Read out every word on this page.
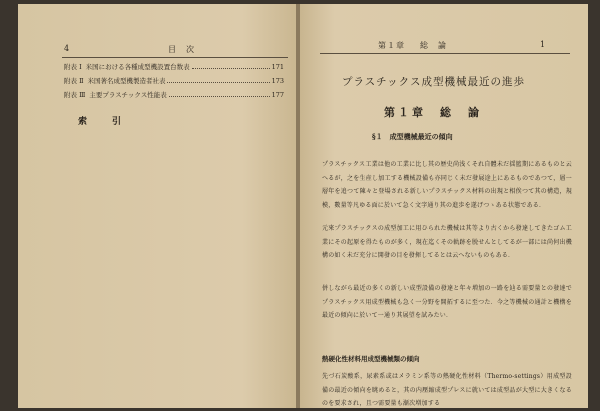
4	目　次
附表 Ⅰ 米国における各種成型機設置台数表	171
附表 Ⅱ 米国著名成型機製造者社表	173
附表 Ⅲ 主要プラスチックス性能表	177
索　引
第１章 総　論	1
プラスチックス成型機械最近の進歩
第１章　総　論
§１　成型機械最近の傾向
プラスチックス工業は他の工業に比し其の歴史尚浅くそれ自體未だ揺籃期にあるものと云へるが，之を生産し加工する機械設備も亦同じく未だ發展途上にあるものであつて，層一層年を追つて陳々と登場される新しいプラスチックス材料の出現と相俟つて其の構造，規模，數量等凡ゆる面に於いて急く文字通り其の進歩を遂げつゝある状態である．
元來プラスチックスの成型加工に用ひられた機械は其等より古くから發達してきたゴム工業にその起原を得たものが多く，現在迄くその軌跡を脱せんとしてるが一部には尚何出機構の如く未だ充分に開發の目を發揮してるとは云へないものもある．
併しながら最近の多くの新しい成型設備の發達と年々増加の一路を辿る需要量との發達でプラスチックス用成型機械も急く一分野を開拓するに至つた．今之等機械の通計と機構を最近の傾向に於いて一通り其展望を試みたい．
熱硬化性材料用成型機械類の傾向
先づ石炭酸系，尿素系或はメラミン系等の熱硬化性材料（Thermo-settings）用成型設備の最近の傾向を眺めると，其の内壓縮成型プレスに就いては成型品が大型に大きくなるのを要求され，且つ需要量も漸次増加する
